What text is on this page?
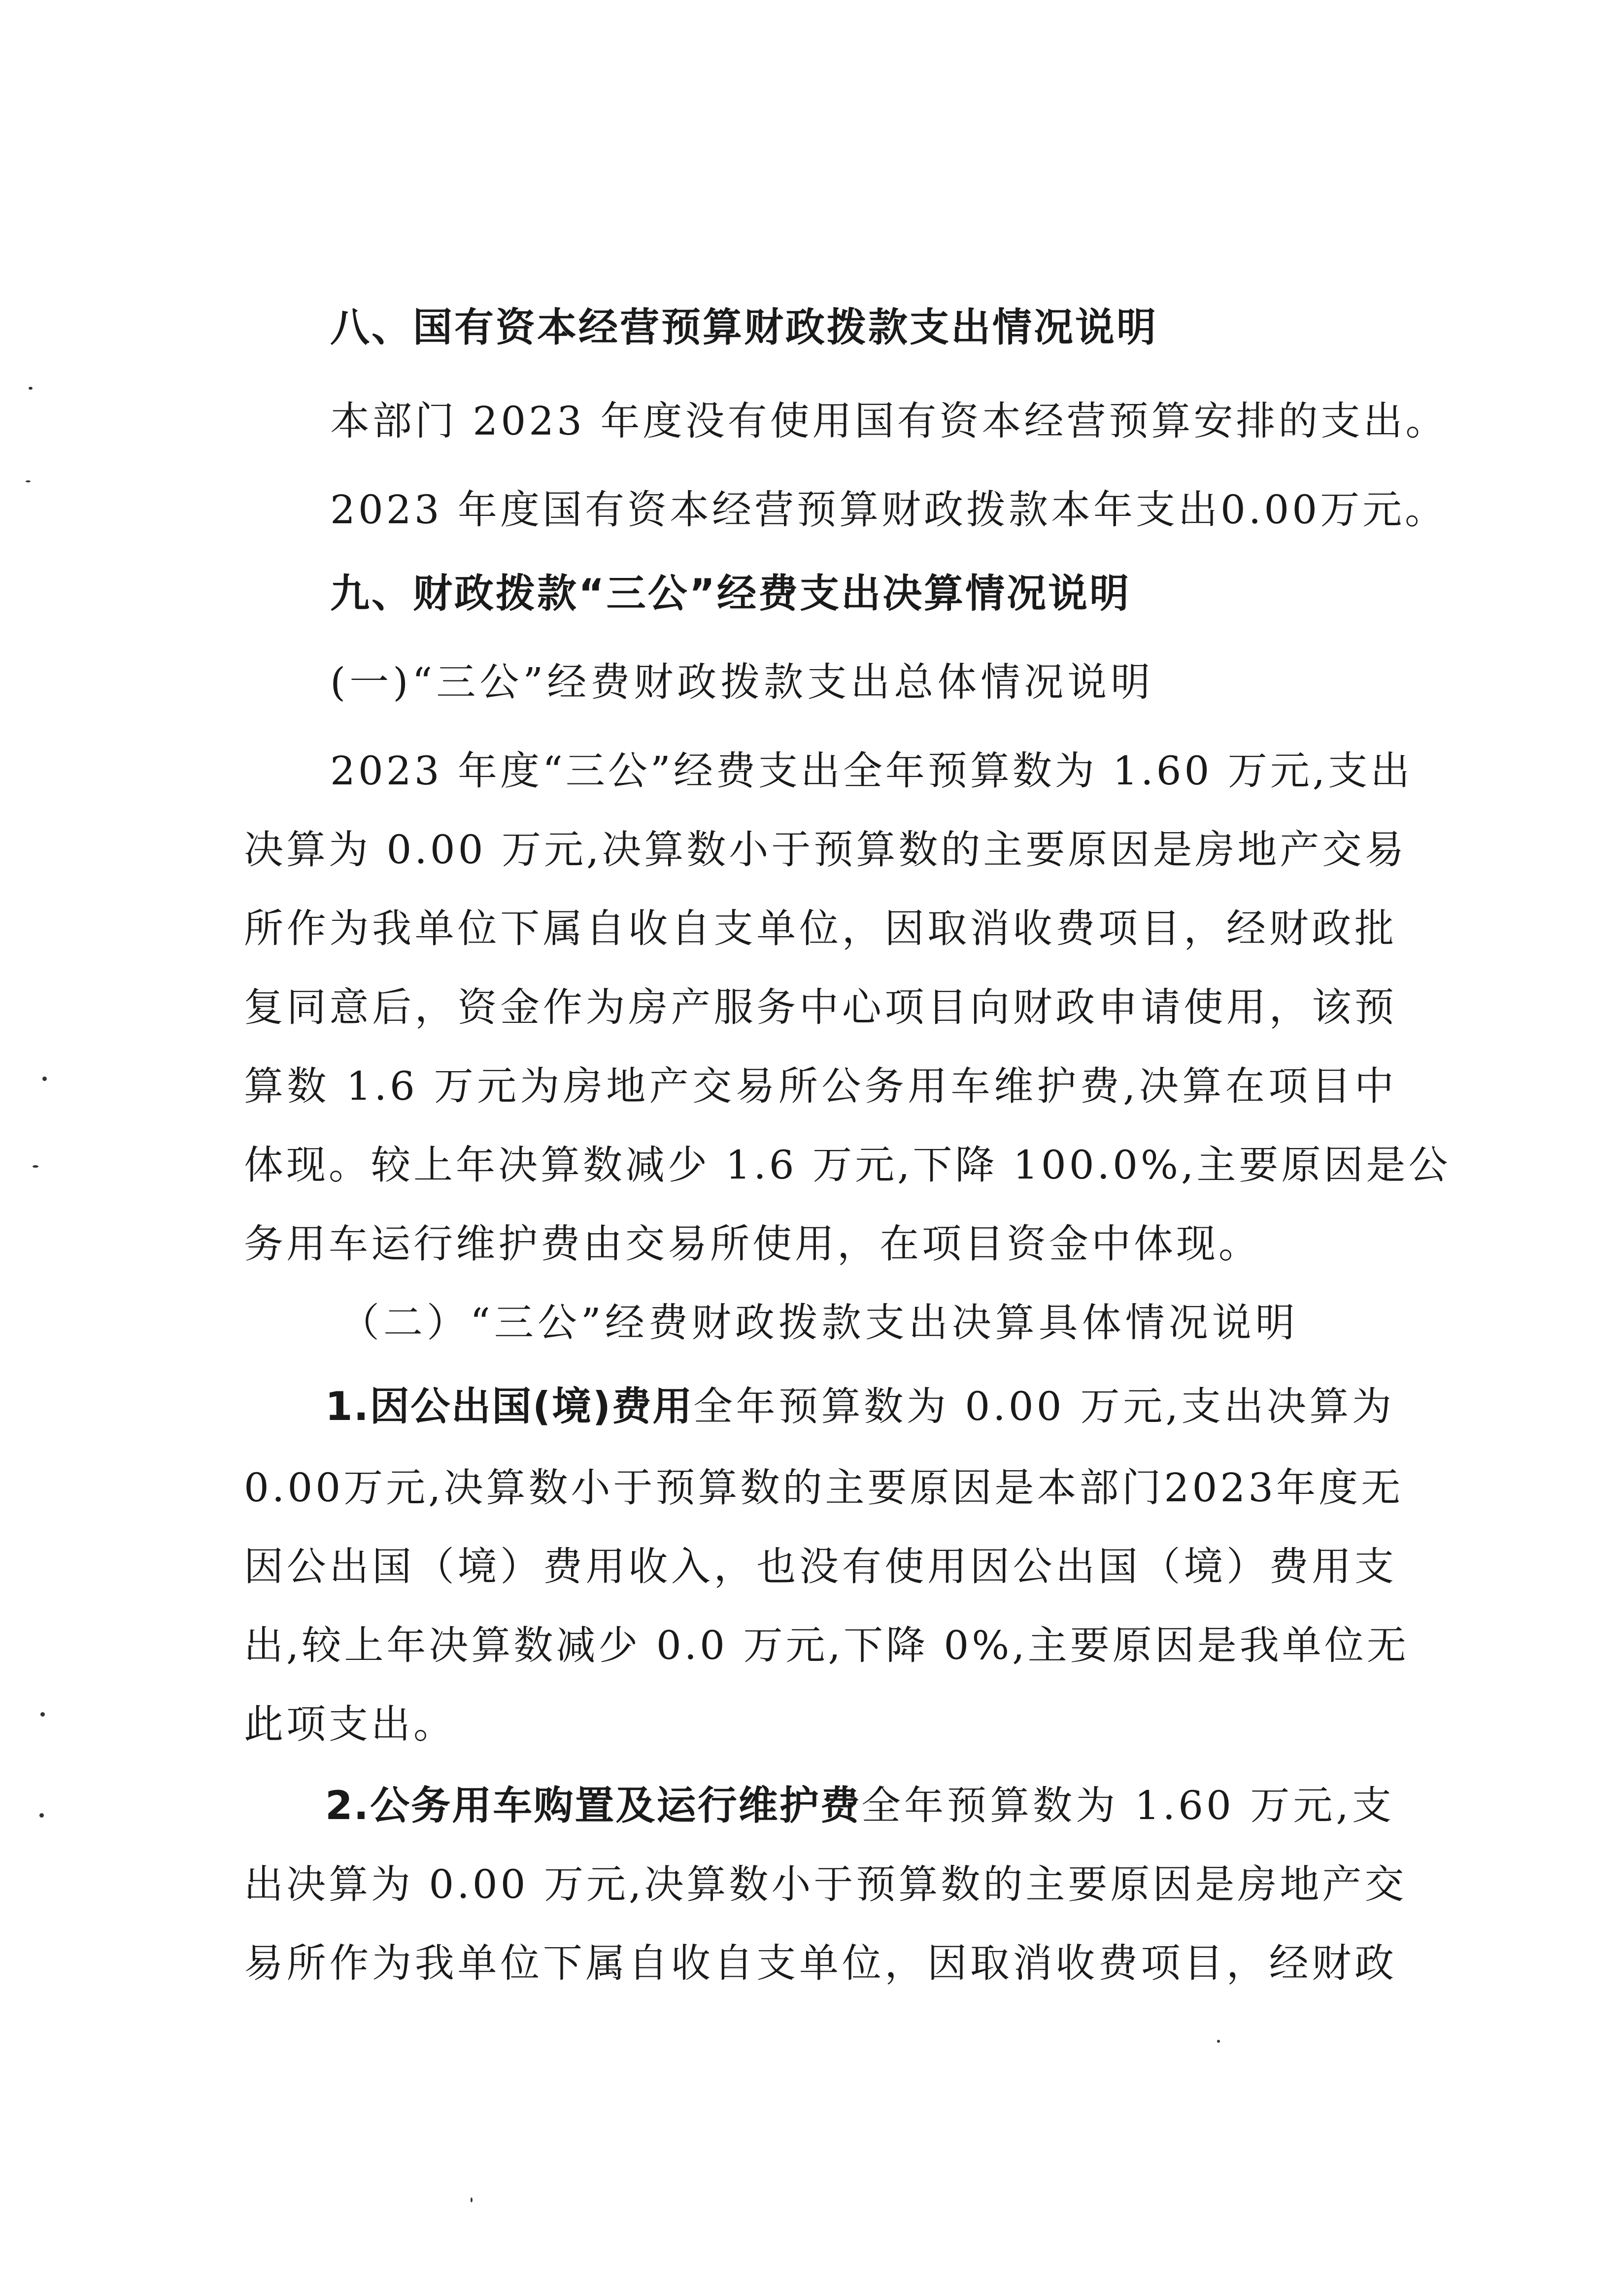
八、国有资本经营预算财政拨款支出情况说明
本部门 2023 年度没有使用国有资本经营预算安排的支出。
2023 年度国有资本经营预算财政拨款本年支出0.00万元。
九、财政拨款“三公”经费支出决算情况说明
(一)“三公”经费财政拨款支出总体情况说明
2023 年度“三公”经费支出全年预算数为 1.60 万元,支出
决算为 0.00 万元,决算数小于预算数的主要原因是房地产交易
所作为我单位下属自收自支单位，因取消收费项目，经财政批
复同意后，资金作为房产服务中心项目向财政申请使用，该预
算数 1.6 万元为房地产交易所公务用车维护费,决算在项目中
体现。较上年决算数减少 1.6 万元,下降 100.0%,主要原因是公
务用车运行维护费由交易所使用，在项目资金中体现。
（二）“三公”经费财政拨款支出决算具体情况说明
1.因公出国(境)费用全年预算数为 0.00 万元,支出决算为
0.00万元,决算数小于预算数的主要原因是本部门2023年度无
因公出国（境）费用收入，也没有使用因公出国（境）费用支
出,较上年决算数减少 0.0 万元,下降 0%,主要原因是我单位无
此项支出。
2.公务用车购置及运行维护费全年预算数为 1.60 万元,支
出决算为 0.00 万元,决算数小于预算数的主要原因是房地产交
易所作为我单位下属自收自支单位，因取消收费项目，经财政
